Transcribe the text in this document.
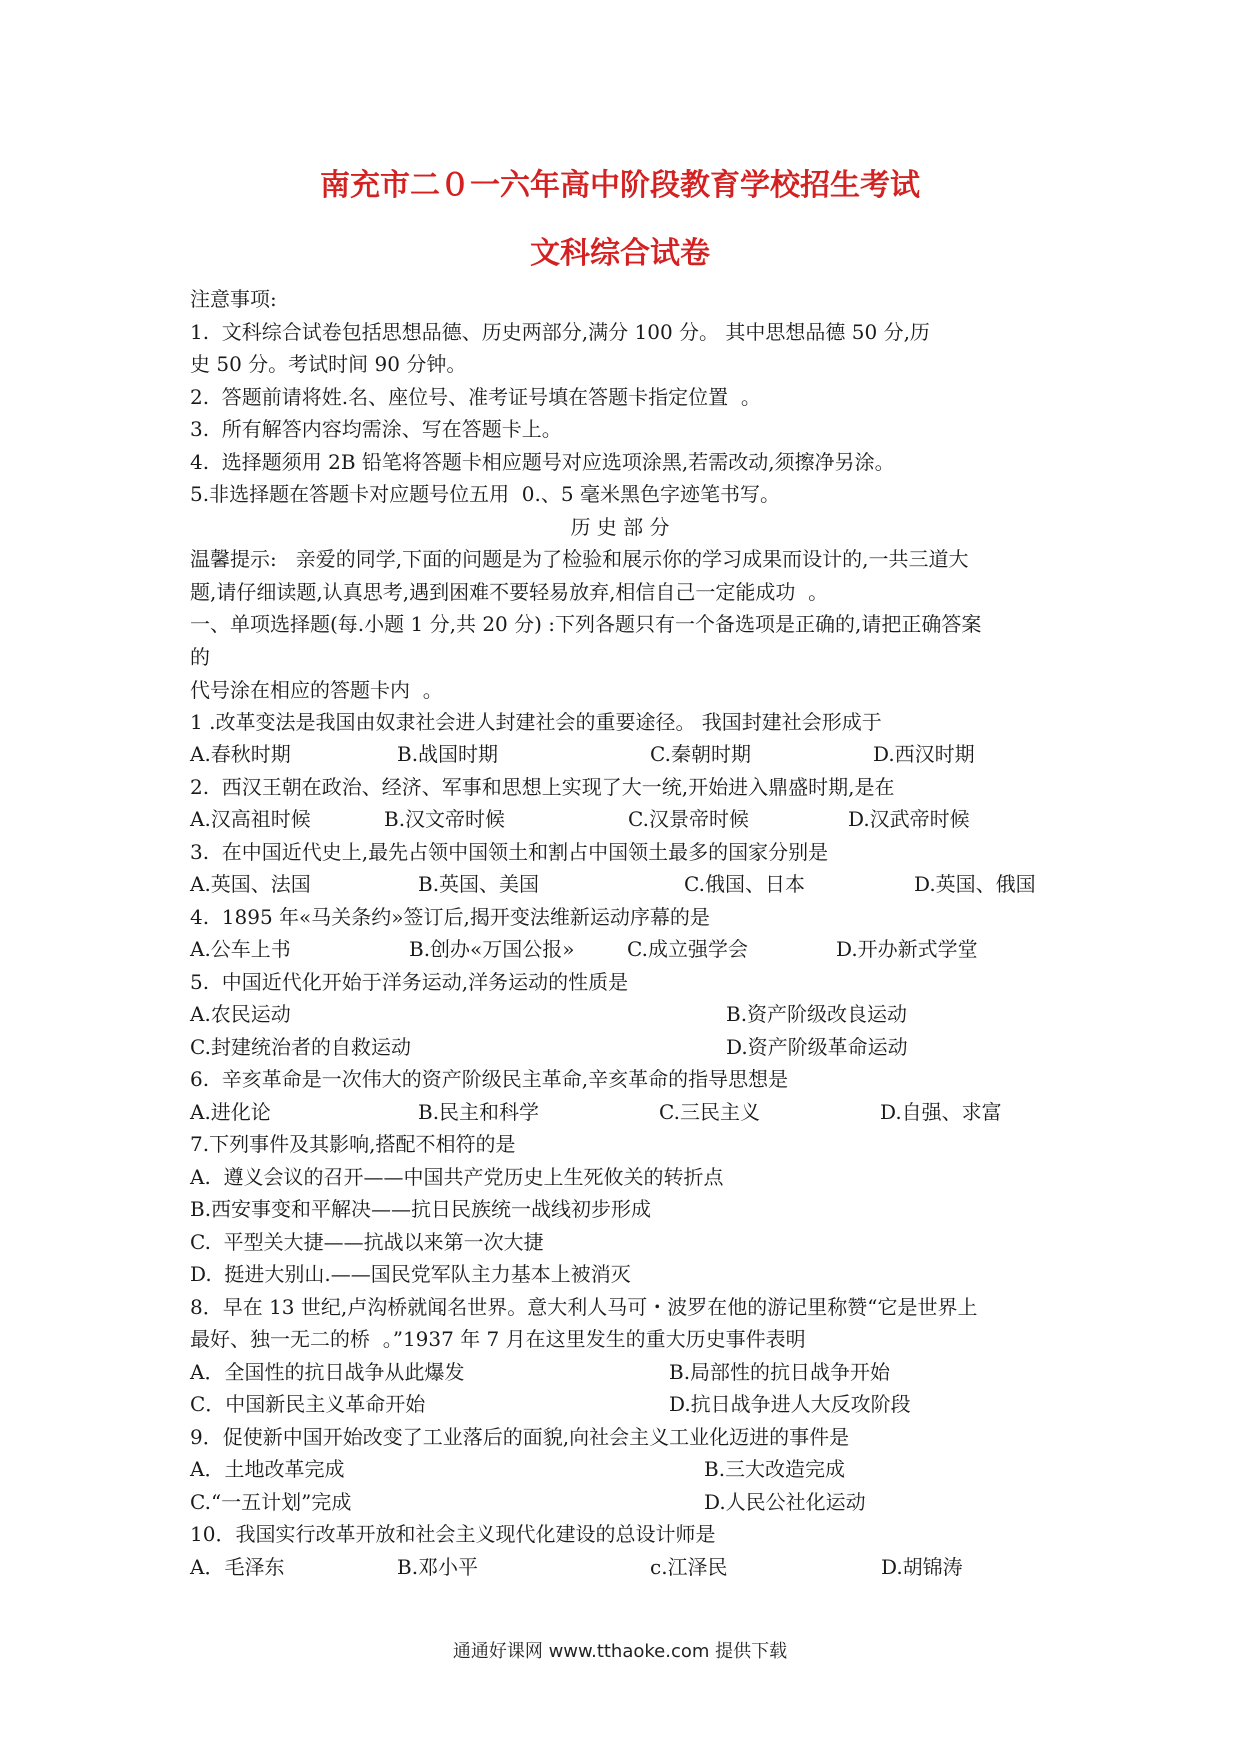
南充市二０一六年高中阶段教育学校招生考试
文科综合试卷
注意事项:
1.  文科综合试卷包括思想品德、历史两部分,满分 100 分。 其中思想品德 50 分,历
史 50 分。考试时间 90 分钟。
2.  答题前请将姓.名、座位号、准考证号填在答题卡指定位置  。
3.  所有解答内容均需涂、写在答题卡上。
4.  选择题须用 2B 铅笔将答题卡相应题号对应选项涂黑,若需改动,须擦净另涂。
5.非选择题在答题卡对应题号位五用  0.、5 毫米黑色字迹笔书写。
历 史 部 分
温馨提示:   亲爱的同学,下面的问题是为了检验和展示你的学习成果而设计的,一共三道大
题,请仔细读题,认真思考,遇到困难不要轻易放弃,相信自己一定能成功  。
一、单项选择题(每.小题 1 分,共 20 分) :下列各题只有一个备选项是正确的,请把正确答案
的
代号涂在相应的答题卡内  。
1 .改革变法是我国由奴隶社会进人封建社会的重要途径。 我国封建社会形成于
A.春秋时期	B.战国时期	C.秦朝时期	D.西汉时期
2.  西汉王朝在政治、经济、军事和思想上实现了大一统,开始进入鼎盛时期,是在
A.汉高祖时候	B.汉文帝时候	C.汉景帝时候	D.汉武帝时候
3.  在中国近代史上,最先占领中国领土和割占中国领土最多的国家分别是
A.英国、法国	B.英国、美国	C.俄国、日本	D.英国、俄国
4.  1895 年«马关条约»签订后,揭开变法维新运动序幕的是
A.公车上书	B.创办«万国公报»	C.成立强学会	D.开办新式学堂
5.  中国近代化开始于洋务运动,洋务运动的性质是
A.农民运动	B.资产阶级改良运动
C.封建统治者的自救运动	D.资产阶级革命运动
6.  辛亥革命是一次伟大的资产阶级民主革命,辛亥革命的指导思想是
A.进化论	B.民主和科学	C.三民主义	D.自强、求富
7.下列事件及其影响,搭配不相符的是
A.  遵义会议的召开——中国共产党历史上生死攸关的转折点
B.西安事变和平解决——抗日民族统一战线初步形成
C.  平型关大捷——抗战以来第一次大捷
D.  挺进大别山.——国民党军队主力基本上被消灭
8．早在 13 世纪,卢沟桥就闻名世界。意大利人马可・波罗在他的游记里称赞“它是世界上
最好、独一无二的桥  。”1937 年 7 月在这里发生的重大历史事件表明
A．全国性的抗日战争从此爆发	B.局部性的抗日战争开始
C．中国新民主义革命开始	D.抗日战争进人大反攻阶段
9．促使新中国开始改变了工业落后的面貌,向社会主义工业化迈进的事件是
A．土地改革完成	B.三大改造完成
C.“一五计划”完成	D.人民公社化运动
10．我国实行改革开放和社会主义现代化建设的总设计师是
A．毛泽东	B.邓小平	c.江泽民	D.胡锦涛
通通好课网 www.tthaoke.com 提供下载
